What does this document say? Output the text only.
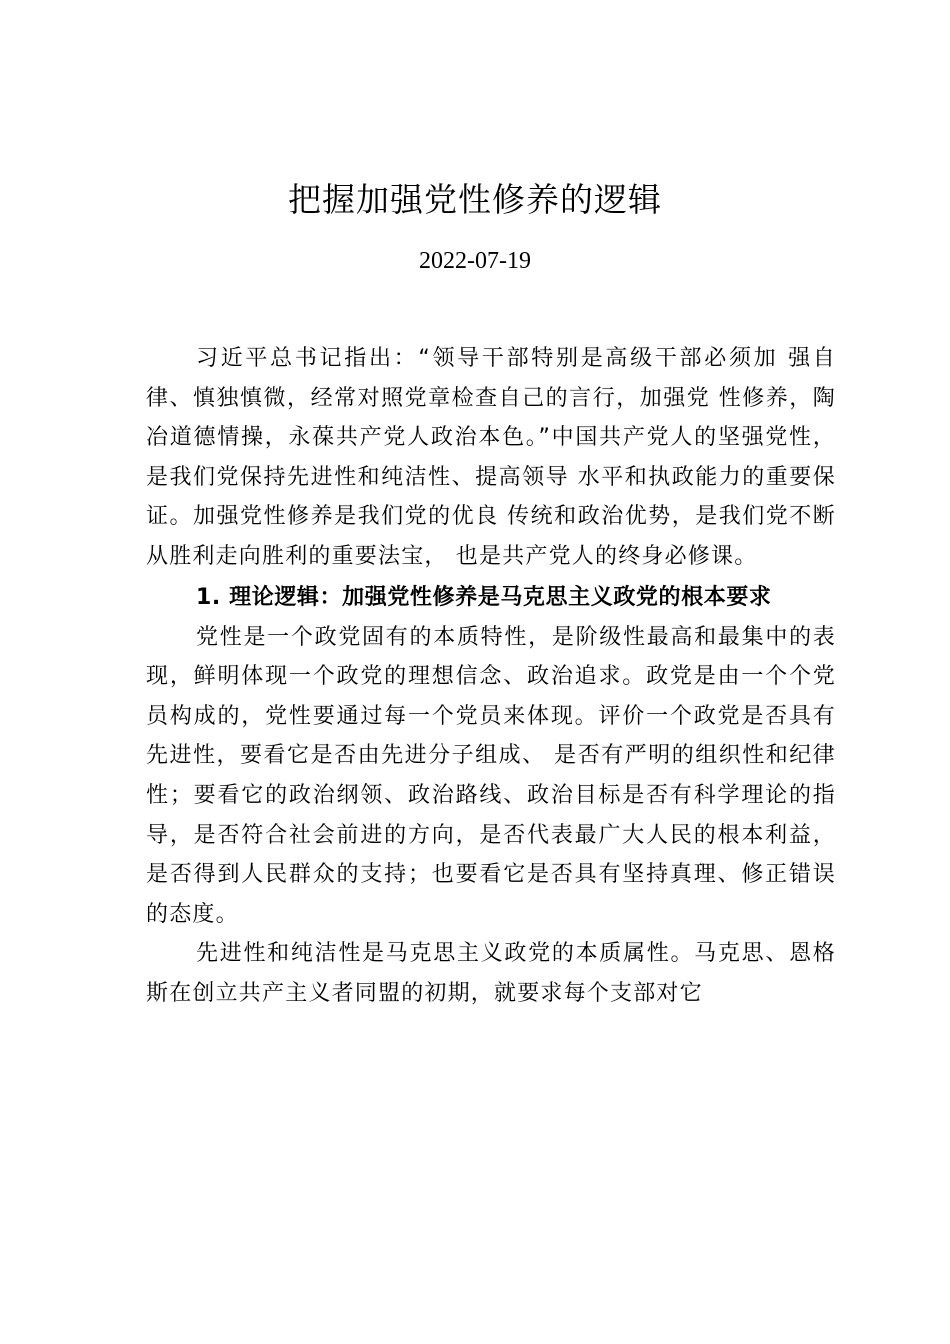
把握加强党性修养的逻辑
2022-07-19

习近平总书记指出：“领导干部特别是高级干部必须加 强自律、慎独慎微，经常对照党章检查自己的言行，加强党 性修养，陶冶道德情操，永葆共产党人政治本色。”中国共产党人的坚强党性，是我们党保持先进性和纯洁性、提高领导 水平和执政能力的重要保证。加强党性修养是我们党的优良 传统和政治优势，是我们党不断从胜利走向胜利的重要法宝， 也是共产党人的终身必修课。

1. 理论逻辑：加强党性修养是马克思主义政党的根本要求

党性是一个政党固有的本质特性，是阶级性最高和最集中的表现，鲜明体现一个政党的理想信念、政治追求。政党是由一个个党员构成的，党性要通过每一个党员来体现。评价一个政党是否具有先进性，要看它是否由先进分子组成、 是否有严明的组织性和纪律性；要看它的政治纲领、政治路线、政治目标是否有科学理论的指导，是否符合社会前进的方向，是否代表最广大人民的根本利益，是否得到人民群众的支持；也要看它是否具有坚持真理、修正错误的态度。

先进性和纯洁性是马克思主义政党的本质属性。马克思、恩格斯在创立共产主义者同盟的初期，就要求每个支部对它
